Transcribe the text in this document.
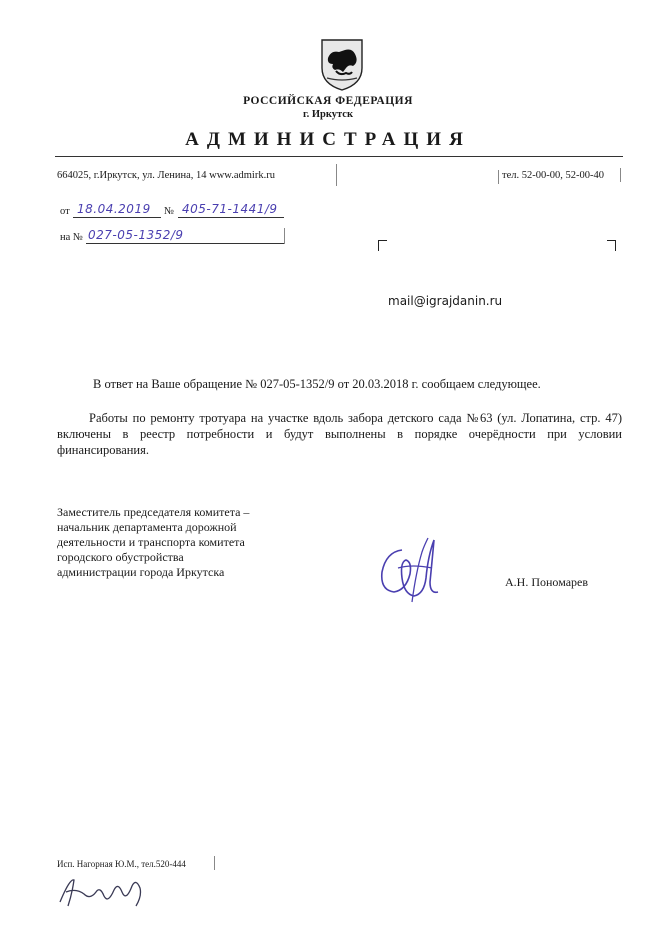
РОССИЙСКАЯ ФЕДЕРАЦИЯ
г. Иркутск
АДМИНИСТРАЦИЯ
664025, г.Иркутск, ул. Ленина, 14 www.admirk.ru	тел. 52-00-00, 52-00-40
от 18.04.2019 № 405-71-1441/9
на № 027-05-1352/9
mail@igrajdanin.ru
В ответ на Ваше обращение № 027-05-1352/9 от 20.03.2018 г. сообщаем следующее.
Работы по ремонту тротуара на участке вдоль забора детского сада №63 (ул. Лопатина, стр. 47) включены в реестр потребности и будут выполнены в порядке очерёдности при условии финансирования.
Заместитель председателя комитета –
начальник департамента дорожной
деятельности и транспорта комитета
городского обустройства
администрации города Иркутска
А.Н. Пономарев
Исп. Нагорная Ю.М., тел.520-444
